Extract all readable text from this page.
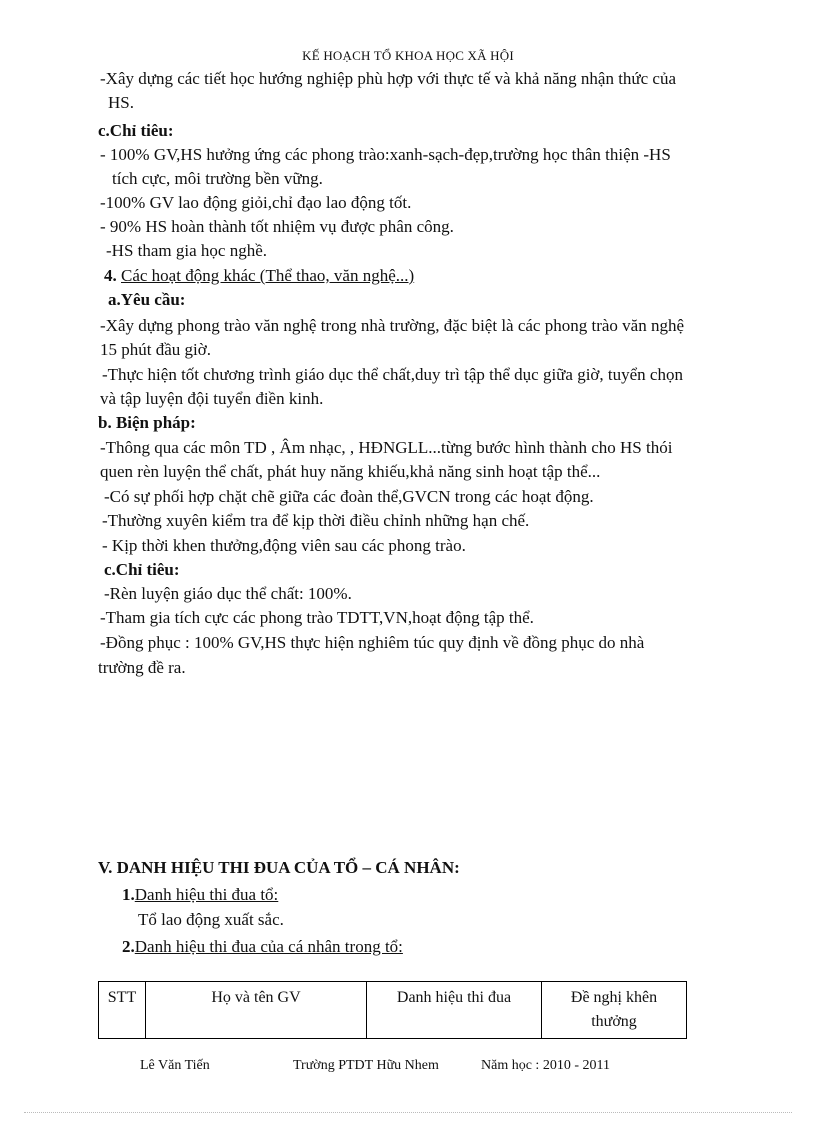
KẾ HOẠCH TỔ KHOA HỌC XÃ HỘI
-Xây dựng các tiết học hướng nghiệp phù hợp với thực tế và khả năng nhận thức của
HS.
c.Chỉ tiêu:
- 100% GV,HS hưởng ứng các phong trào:xanh-sạch-đẹp,trường học thân thiện -HS
tích cực, môi trường bền vững.
-100% GV lao động giỏi,chỉ đạo lao động tốt.
- 90% HS hoàn thành tốt nhiệm vụ được phân công.
-HS tham gia học nghề.
4. Các hoạt động khác (Thể thao, văn nghệ...)
a.Yêu cầu:
-Xây dựng phong trào văn nghệ trong nhà trường, đặc biệt là các phong trào văn nghệ
15 phút đầu giờ.
-Thực hiện tốt chương trình giáo dục thể chất,duy trì tập thể dục giữa giờ, tuyển chọn
và tập luyện đội tuyển điền kinh.
b. Biện pháp:
-Thông qua các môn TD , Âm nhạc, , HĐNGLL...từng bước hình thành cho HS thói
quen rèn luyện thể chất, phát huy năng khiếu,khả năng sinh hoạt tập thể...
-Có sự phối hợp chặt chẽ giữa các đoàn thể,GVCN trong các hoạt động.
-Thường xuyên kiểm tra để kịp thời điều chỉnh những hạn chế.
- Kịp thời khen thưởng,động viên sau các phong trào.
c.Chỉ tiêu:
-Rèn luyện giáo dục thể chất: 100%.
-Tham gia tích cực các phong trào TDTT,VN,hoạt động tập thể.
-Đồng phục : 100% GV,HS thực hiện nghiêm túc quy định về đồng phục do nhà
trường đề ra.
V. DANH HIỆU THI ĐUA CỦA TỔ – CÁ NHÂN:
1.Danh hiệu thi đua tổ:
Tổ lao động xuất sắc.
2.Danh hiệu thi đua của cá nhân trong tổ:
STT	Họ và tên GV	Danh hiệu thi đua	Đề nghị khên
thưởng
Lê Văn Tiến	Trường PTDT Hữu Nhem	Năm học : 2010 - 2011
